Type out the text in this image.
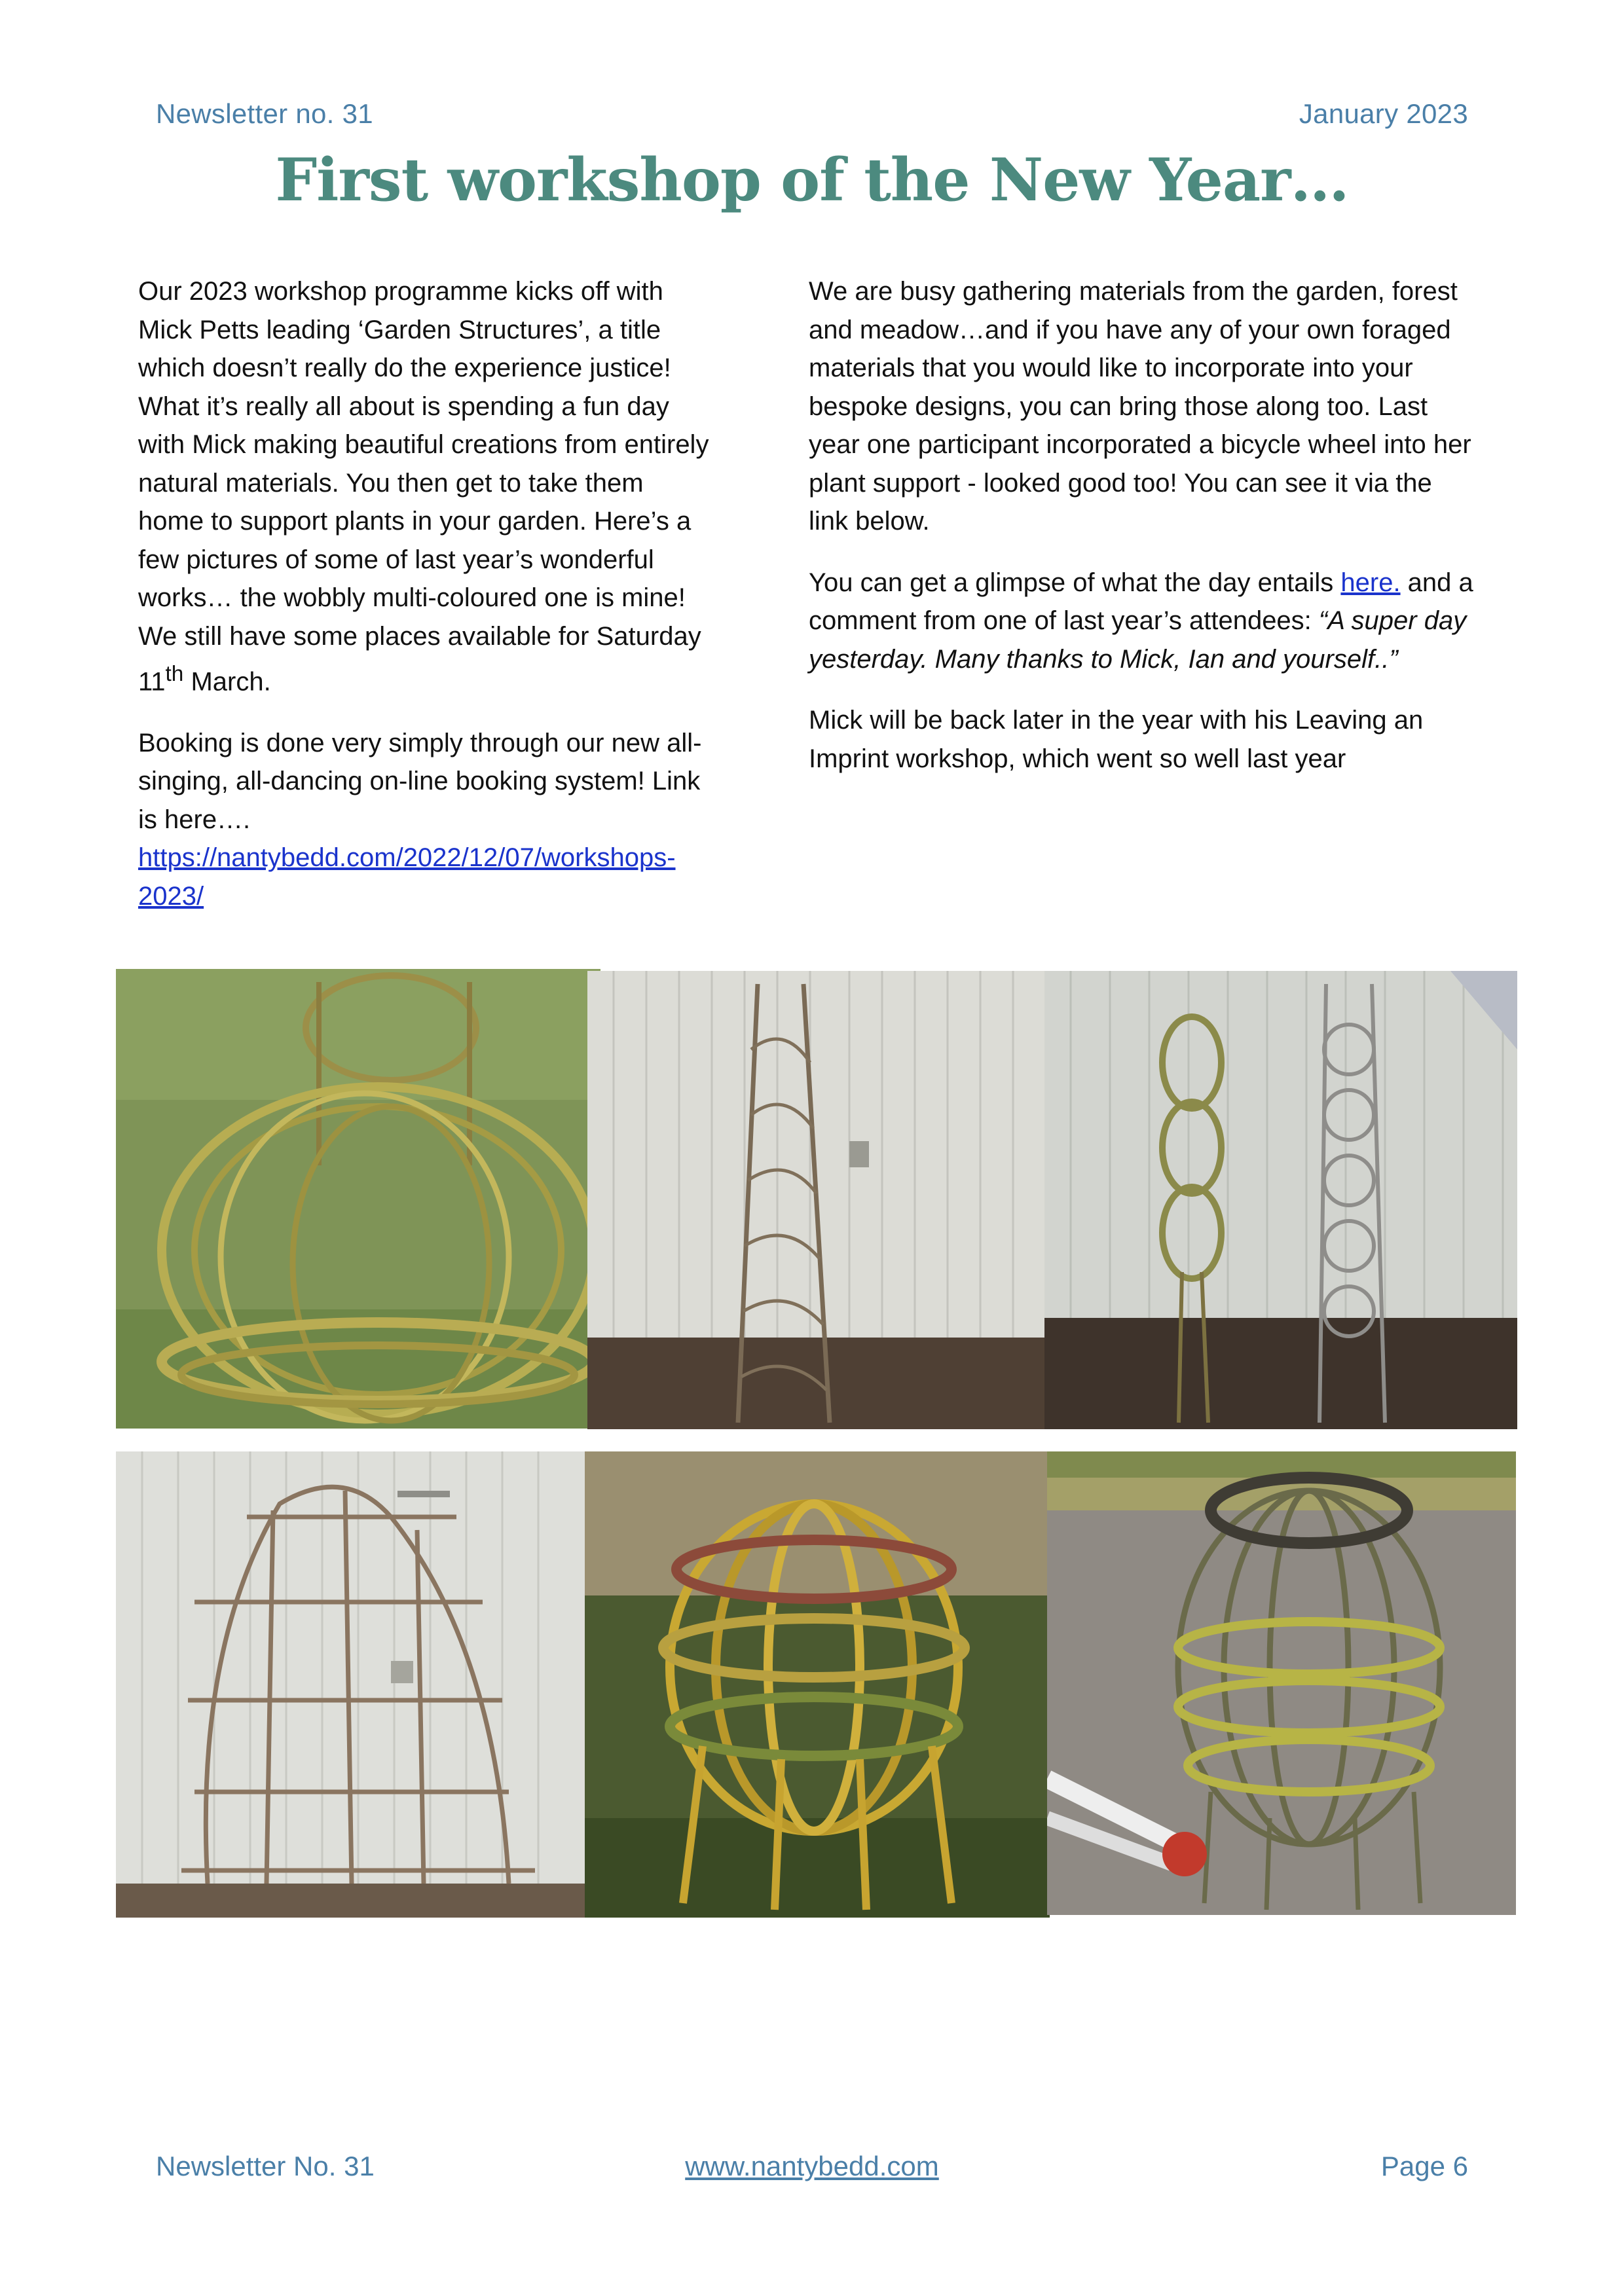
Newsletter no. 31	January 2023
First workshop of the New Year…

Our 2023 workshop programme kicks off with Mick Petts leading ‘Garden Structures’, a title which doesn’t really do the experience justice! What it’s really all about is spending a fun day with Mick making beautiful creations from entirely natural materials. You then get to take them home to support plants in your garden. Here’s a few pictures of some of last year’s wonderful works… the wobbly multi-coloured one is mine! We still have some places available for Saturday 11th March.

Booking is done very simply through our new all-singing, all-dancing on-line booking system! Link is here…. https://nantybedd.com/2022/12/07/workshops-2023/

We are busy gathering materials from the garden, forest and meadow…and if you have any of your own foraged materials that you would like to incorporate into your bespoke designs, you can bring those along too. Last year one participant incorporated a bicycle wheel into her plant support - looked good too! You can see it via the link below.

You can get a glimpse of what the day entails here. and a comment from one of last year’s attendees: “A super day yesterday. Many thanks to Mick, Ian and yourself..”

Mick will be back later in the year with his Leaving an Imprint workshop, which went so well last year

Newsletter No. 31	www.nantybedd.com	Page 6
